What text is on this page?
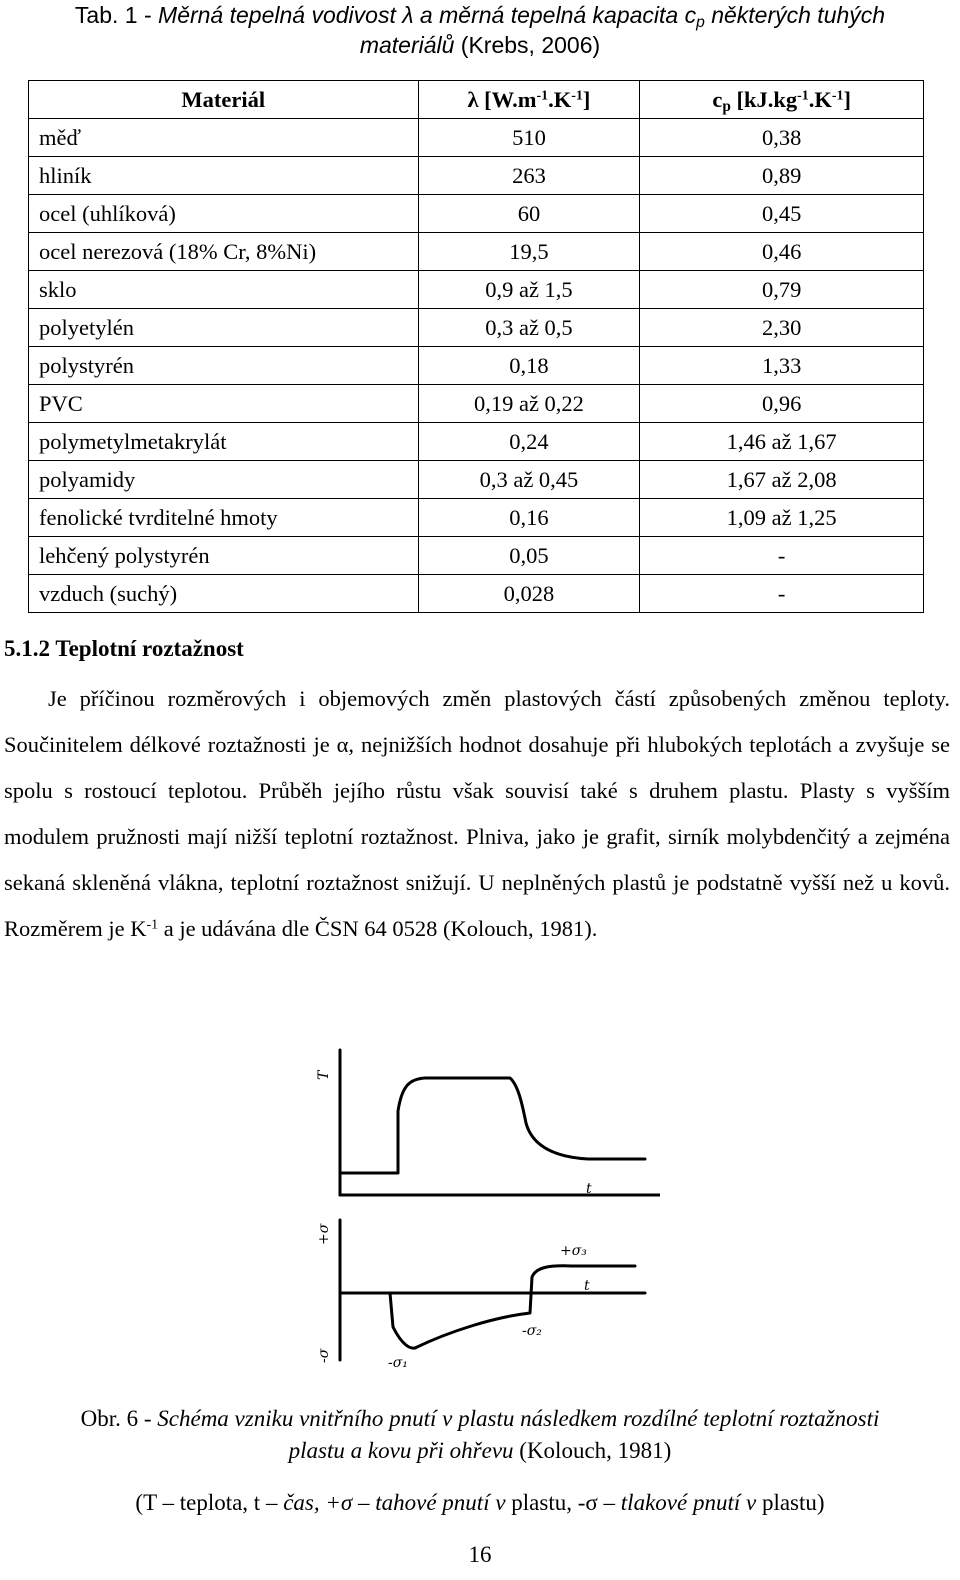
Tab. 1 - Měrná tepelná vodivost λ a měrná tepelná kapacita $c_p$ některých tuhých
materiálů (Krebs, 2006)
Materiál	λ $[W.m^{-1}.K^{-1}]$	$c_p$ $[kJ.kg^{-1}.K^{-1}]$
měď	510	0,38
hliník	263	0,89
ocel (uhlíková)	60	0,45
ocel nerezová (18% Cr, 8%Ni)	19,5	0,46
sklo	0,9 až 1,5	0,79
polyetylén	0,3 až 0,5	2,30
polystyrén	0,18	1,33
PVC	0,19 až 0,22	0,96
polymetylmetakrylát	0,24	1,46 až 1,67
polyamidy	0,3 až 0,45	1,67 až 2,08
fenolické tvrditelné hmoty	0,16	1,09 až 1,25
lehčený polystyrén	0,05	-
vzduch (suchý)	0,028	-
5.1.2 Teplotní roztažnost
Je příčinou rozměrových i objemových změn plastových částí způsobených změnou teploty. Součinitelem délkové roztažnosti je α, nejnižších hodnot dosahuje při hlubokých teplotách a zvyšuje se spolu s rostoucí teplotou. Průběh jejího růstu však souvisí také s druhem plastu. Plasty s vyšším modulem pružnosti mají nižší teplotní roztažnost. Plniva, jako je grafit, sirník molybdenčitý a zejména sekaná skleněná vlákna, teplotní roztažnost snižují. U neplněných plastů je podstatně vyšší než u kovů. Rozměrem je $K^{-1}$ a je udávána dle ČSN 64 0528 (Kolouch, 1981).
T
t
+σ
t
+σ₃
-σ₂
-σ₁
-σ
Obr. 6 - Schéma vzniku vnitřního pnutí v plastu následkem rozdílné teplotní roztažnosti
plastu a kovu při ohřevu (Kolouch, 1981)
(T – teplota, t – čas, +σ – tahové pnutí v plastu, -σ – tlakové pnutí v plastu)
16
